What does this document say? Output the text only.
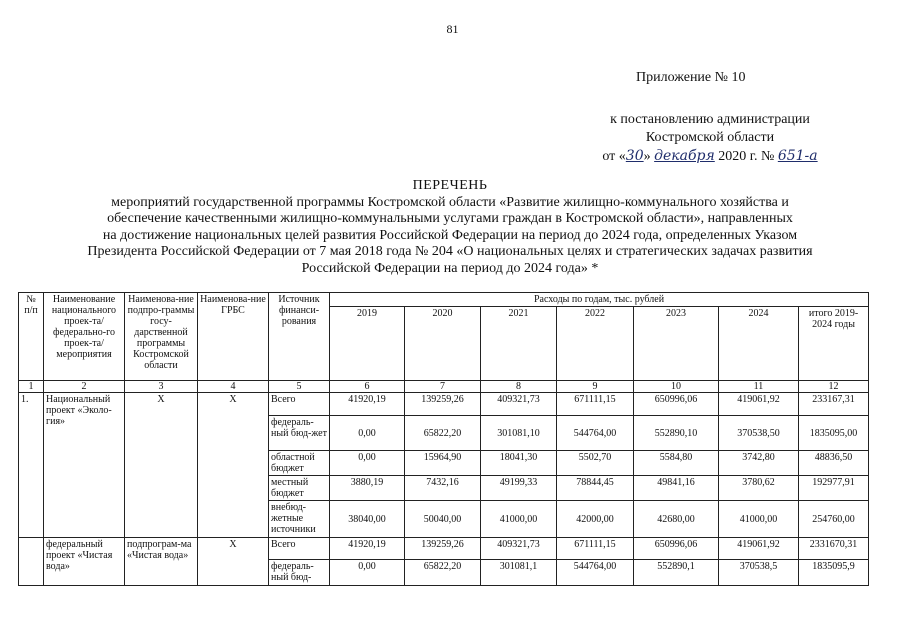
81
Приложение № 10
к постановлению администрации
Костромской области
от «30» декабря 2020 г. № 651-а
ПЕРЕЧЕНЬ
мероприятий государственной программы Костромской области «Развитие жилищно-коммунального хозяйства и
обеспечение качественными жилищно-коммунальными услугами граждан в Костромской области», направленных
на достижение национальных целей развития Российской Федерации на период до 2024 года, определенных Указом
Президента Российской Федерации от 7 мая 2018 года № 204 «О национальных целях и стратегических задачах развития
Российской Федерации на период до 2024 года» *
№ п/п	Наименование национального проек-та/федерально-го проек-та/мероприятия	Наименова-ние подпро-граммы госу-дарственной программы Костромской области	Наименова-ние ГРБС	Источник финанси-рования	Расходы по годам, тыс. рублей						
					2019	2020	2021	2022	2023	2024	итого 2019-2024 годы
1	2	3	4	5	6	7	8	9	10	11	12
1.	Национальный проект «Эколо-гия»	Х	Х	Всего	41920,19	139259,26	409321,73	671111,15	650996,06	419061,92	233167,31
				федераль-ный бюд-жет	0,00	65822,20	301081,10	544764,00	552890,10	370538,50	1835095,00
				областной бюджет	0,00	15964,90	18041,30	5502,70	5584,80	3742,80	48836,50
				местный бюджет	3880,19	7432,16	49199,33	78844,45	49841,16	3780,62	192977,91
				внебюд-жетные источники	38040,00	50040,00	41000,00	42000,00	42680,00	41000,00	254760,00
	федеральный проект «Чистая вода»	подпрограм-ма «Чистая вода»	Х	Всего	41920,19	139259,26	409321,73	671111,15	650996,06	419061,92	2331670,31
				федераль-ный бюд-	0,00	65822,20	301081,1	544764,00	552890,1	370538,5	1835095,9
